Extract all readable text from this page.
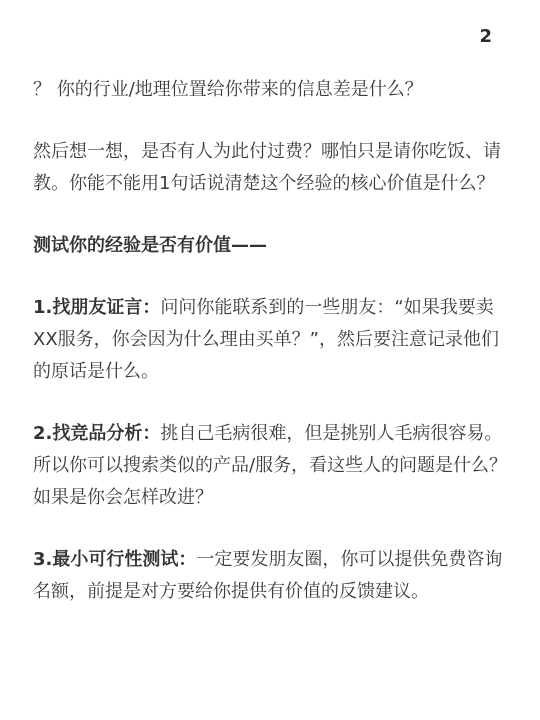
2

？ 你的行业/地理位置给你带来的信息差是什么？

然后想一想，是否有人为此付过费？哪怕只是请你吃饭、请教。你能不能用1句话说清楚这个经验的核心价值是什么？

测试你的经验是否有价值——

1.找朋友证言：问问你能联系到的一些朋友：“如果我要卖XX服务，你会因为什么理由买单？”，然后要注意记录他们的原话是什么。

2.找竞品分析：挑自己毛病很难，但是挑别人毛病很容易。所以你可以搜索类似的产品/服务，看这些人的问题是什么？如果是你会怎样改进？

3.最小可行性测试：一定要发朋友圈，你可以提供免费咨询名额，前提是对方要给你提供有价值的反馈建议。
